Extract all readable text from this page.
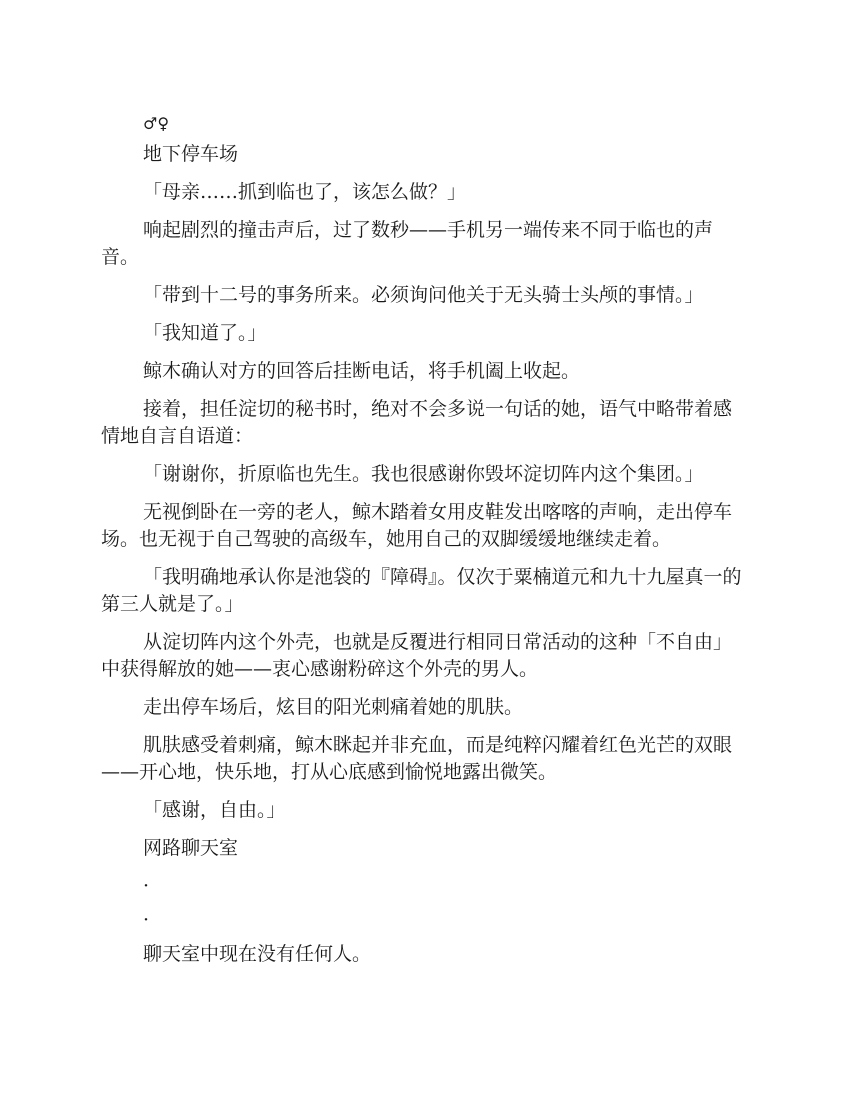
♂♀

地下停车场

「母亲……抓到临也了，该怎么做？」

响起剧烈的撞击声后，过了数秒——手机另一端传来不同于临也的声音。

「带到十二号的事务所来。必须询问他关于无头骑士头颅的事情。」

「我知道了。」

鲸木确认对方的回答后挂断电话，将手机阖上收起。

接着，担任淀切的秘书时，绝对不会多说一句话的她，语气中略带着感情地自言自语道：

「谢谢你，折原临也先生。我也很感谢你毁坏淀切阵内这个集团。」

无视倒卧在一旁的老人，鲸木踏着女用皮鞋发出喀喀的声响，走出停车场。也无视于自己驾驶的高级车，她用自己的双脚缓缓地继续走着。

「我明确地承认你是池袋的『障碍』。仅次于粟楠道元和九十九屋真一的第三人就是了。」

从淀切阵内这个外壳，也就是反覆进行相同日常活动的这种「不自由」中获得解放的她——衷心感谢粉碎这个外壳的男人。

走出停车场后，炫目的阳光刺痛着她的肌肤。

肌肤感受着刺痛，鲸木眯起并非充血，而是纯粹闪耀着红色光芒的双眼——开心地，快乐地，打从心底感到愉悦地露出微笑。

「感谢，自由。」

网路聊天室

·

·

聊天室中现在没有任何人。
